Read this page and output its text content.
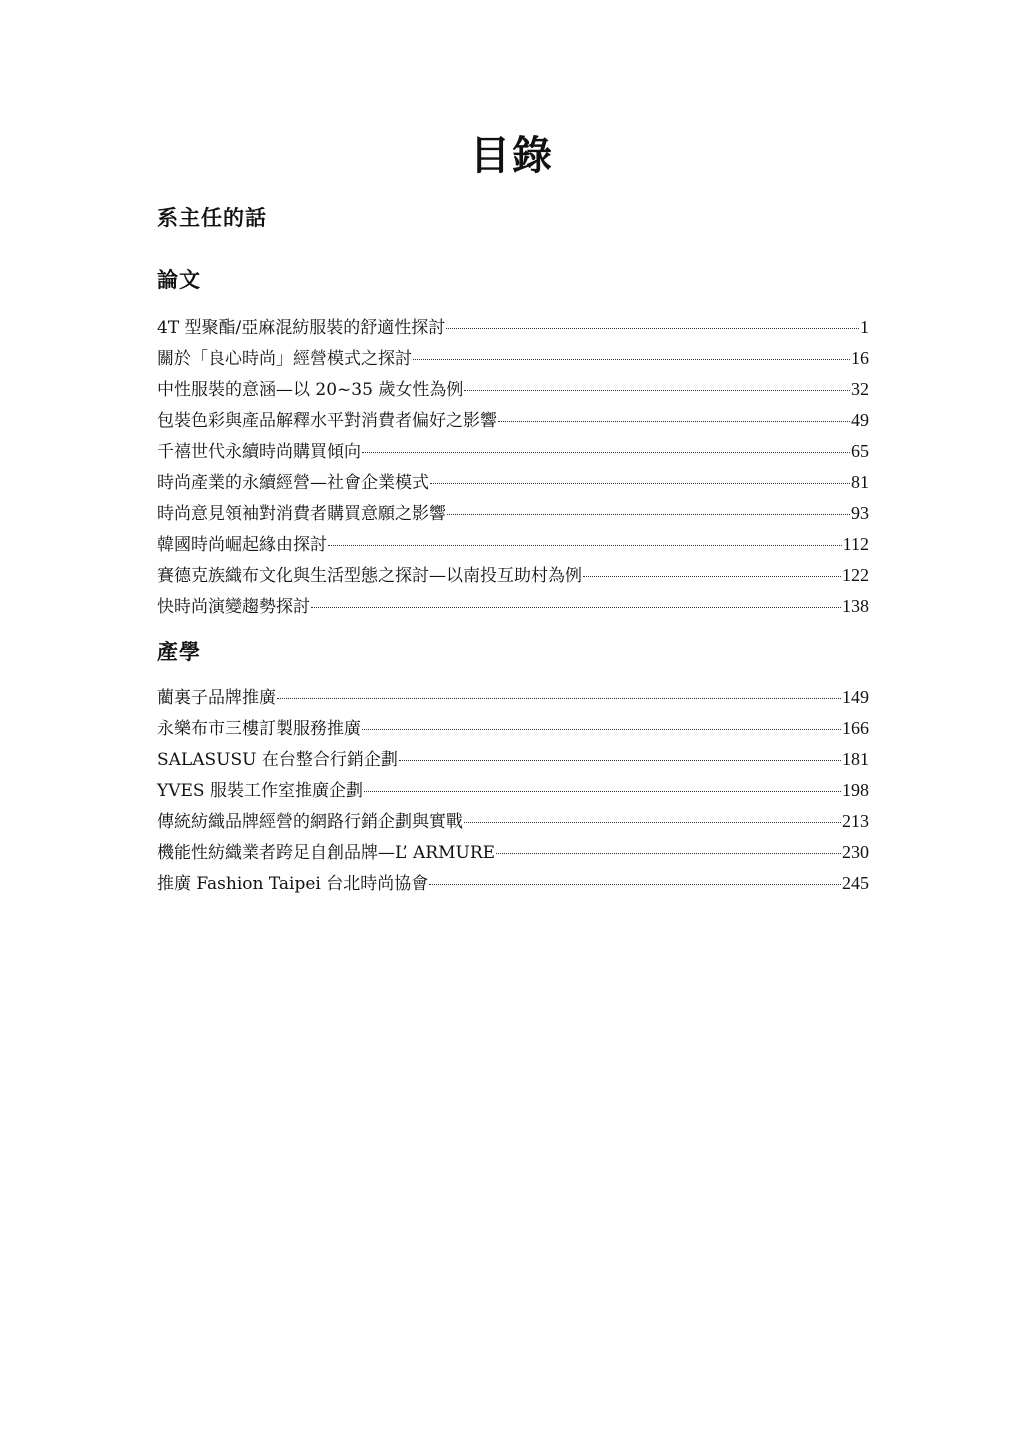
目錄
系主任的話
論文
4T 型聚酯/亞麻混紡服裝的舒適性探討	1
關於「良心時尚」經營模式之探討	16
中性服裝的意涵—以 20~35 歲女性為例	32
包裝色彩與產品解釋水平對消費者偏好之影響	49
千禧世代永續時尚購買傾向	65
時尚產業的永續經營—社會企業模式	81
時尚意見領袖對消費者購買意願之影響	93
韓國時尚崛起緣由探討	112
賽德克族織布文化與生活型態之探討—以南投互助村為例	122
快時尚演變趨勢探討	138
產學
藺裏子品牌推廣	149
永樂布市三樓訂製服務推廣	166
SALASUSU 在台整合行銷企劃	181
YVES 服裝工作室推廣企劃	198
傳統紡織品牌經營的網路行銷企劃與實戰	213
機能性紡織業者跨足自創品牌—L’ ARMURE	230
推廣 Fashion Taipei 台北時尚協會	245
